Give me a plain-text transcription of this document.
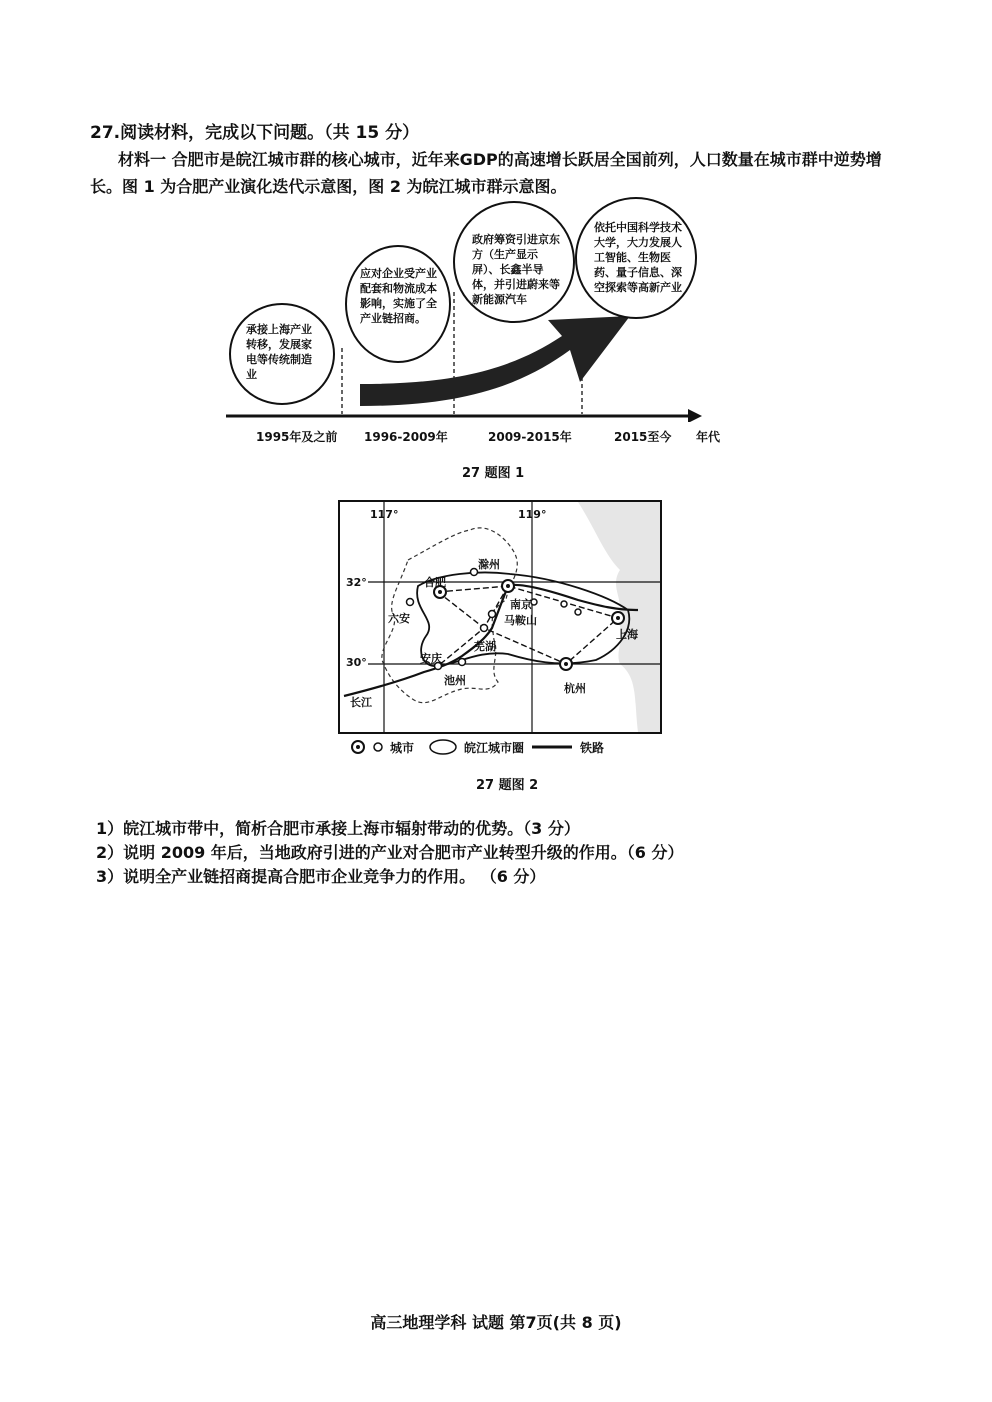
27.阅读材料，完成以下问题。（共 15 分）
材料一 合肥市是皖江城市群的核心城市，近年来GDP的高速增长跃居全国前列，人口数量在城市群中逆势增长。图 1 为合肥产业演化迭代示意图，图 2 为皖江城市群示意图。
承接上海产业转移，发展家电等传统制造业
应对企业受产业配套和物流成本影响，实施了全产业链招商。
政府筹资引进京东方（生产显示屏）、长鑫半导体，并引进蔚来等新能源汽车
依托中国科学技术大学，大力发展人工智能、生物医药、量子信息、深空探索等高新产业
1995年及之前 1996-2009年	2009-2015年	2015至今 年代
27 题图 1
117°	119°
32°
30°
滁州
合肥
南京
六安	马鞍山
芜湖
上海
安庆
池州
杭州
长江
城市	皖江城市圈	铁路
27 题图 2
1）皖江城市带中，简析合肥市承接上海市辐射带动的优势。（3 分）
2）说明 2009 年后，当地政府引进的产业对合肥市产业转型升级的作用。（6 分）
3）说明全产业链招商提高合肥市企业竞争力的作用。 （6 分）
高三地理学科 试题 第7页(共 8 页)
